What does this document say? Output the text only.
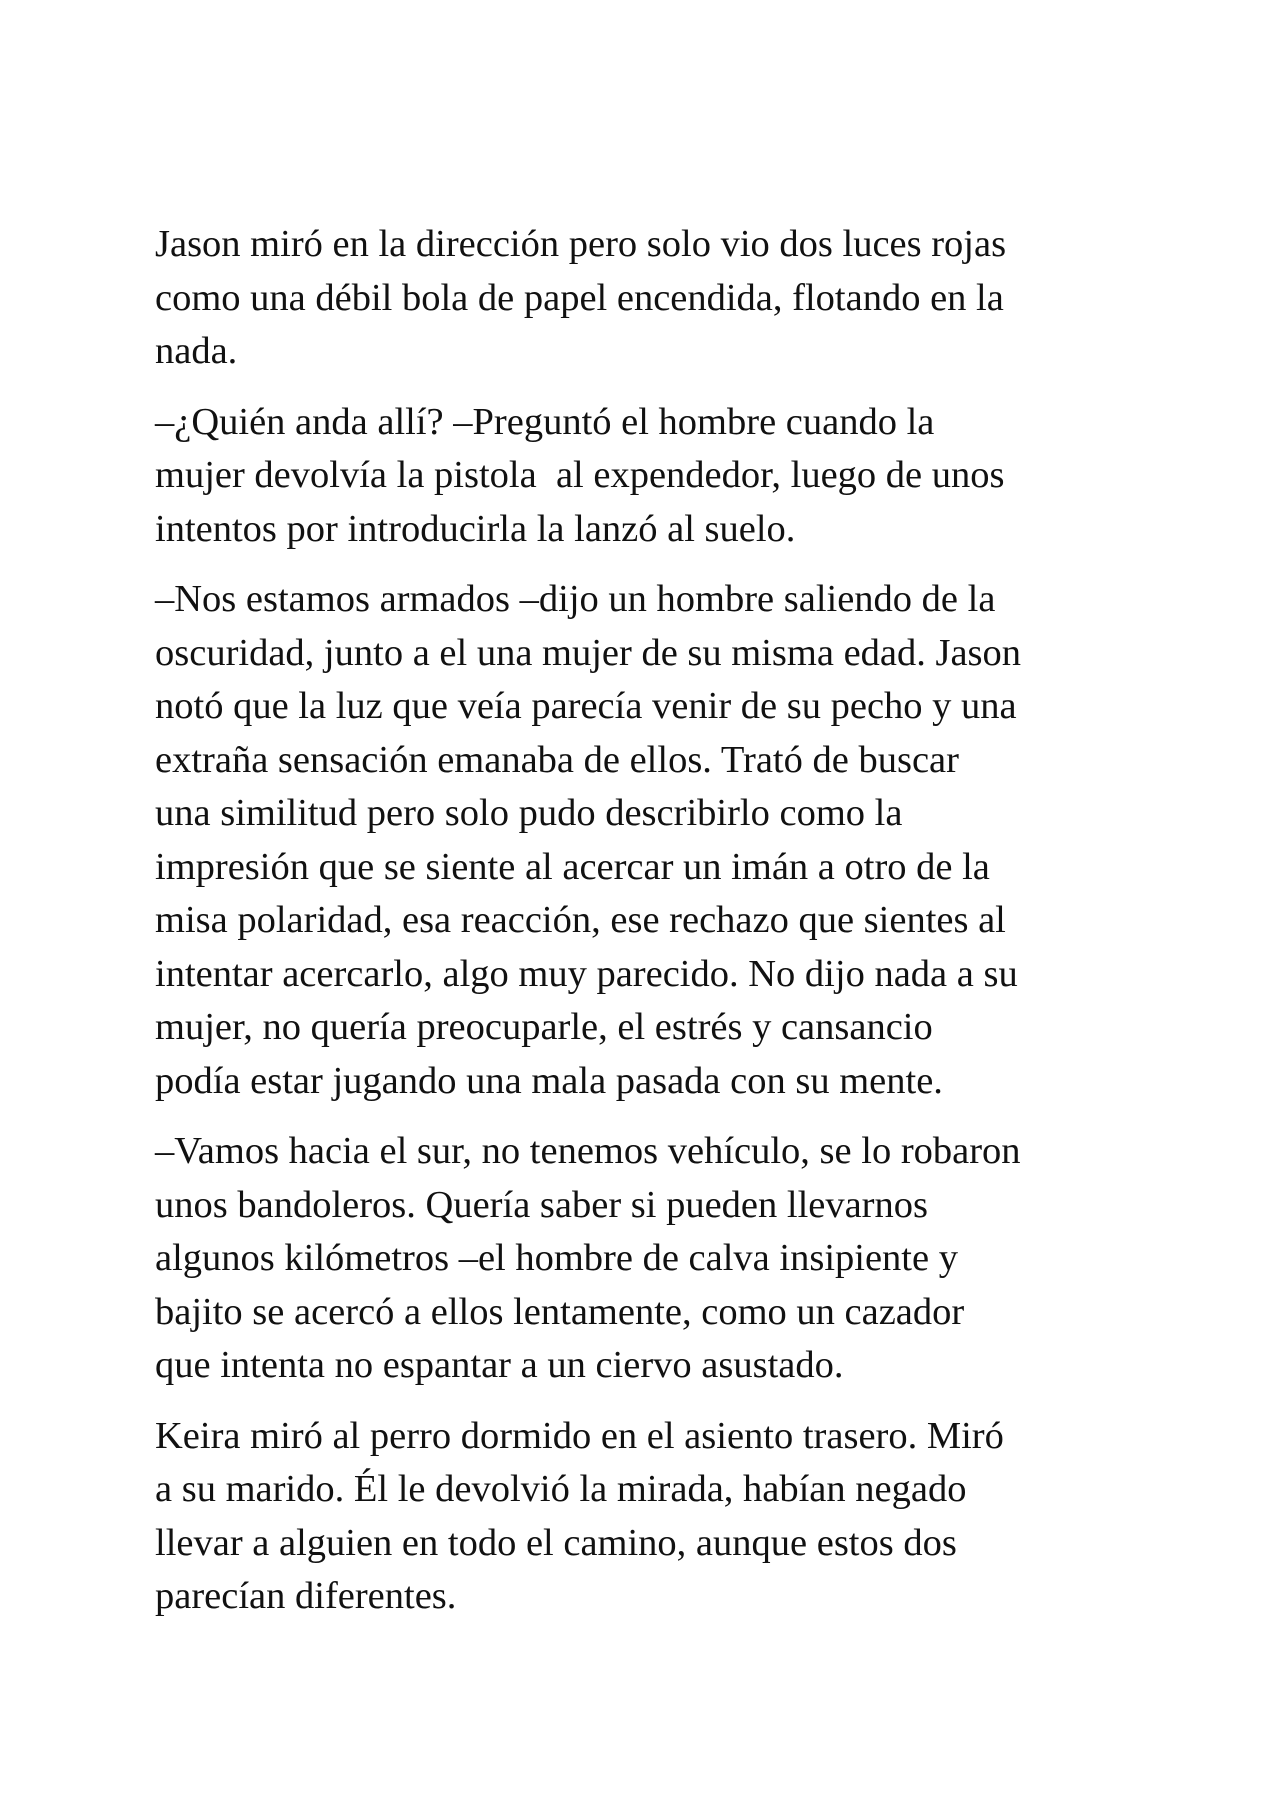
Jason miró en la dirección pero solo vio dos luces rojas
como una débil bola de papel encendida, flotando en la
nada.

–¿Quién anda allí? –Preguntó el hombre cuando la
mujer devolvía la pistola  al expendedor, luego de unos
intentos por introducirla la lanzó al suelo.

–Nos estamos armados –dijo un hombre saliendo de la
oscuridad, junto a el una mujer de su misma edad. Jason
notó que la luz que veía parecía venir de su pecho y una
extraña sensación emanaba de ellos. Trató de buscar
una similitud pero solo pudo describirlo como la
impresión que se siente al acercar un imán a otro de la
misa polaridad, esa reacción, ese rechazo que sientes al
intentar acercarlo, algo muy parecido. No dijo nada a su
mujer, no quería preocuparle, el estrés y cansancio
podía estar jugando una mala pasada con su mente.

–Vamos hacia el sur, no tenemos vehículo, se lo robaron
unos bandoleros. Quería saber si pueden llevarnos
algunos kilómetros –el hombre de calva insipiente y
bajito se acercó a ellos lentamente, como un cazador
que intenta no espantar a un ciervo asustado.

Keira miró al perro dormido en el asiento trasero. Miró
a su marido. Él le devolvió la mirada, habían negado
llevar a alguien en todo el camino, aunque estos dos
parecían diferentes.
